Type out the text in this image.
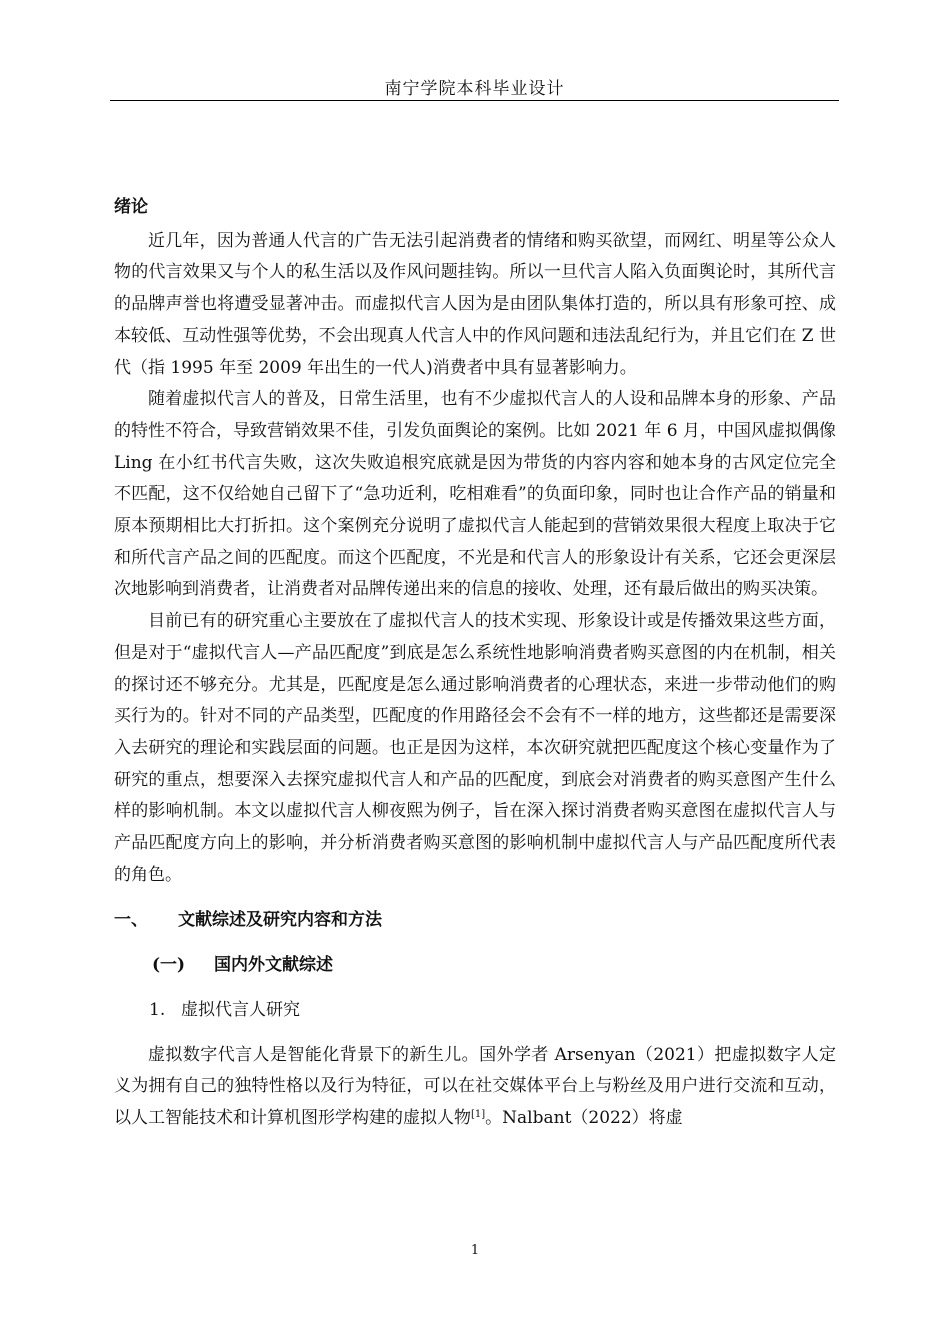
南宁学院本科毕业设计
绪论

近几年，因为普通人代言的广告无法引起消费者的情绪和购买欲望，而网红、明星等公众人物的代言效果又与个人的私生活以及作风问题挂钩。所以一旦代言人陷入负面舆论时，其所代言的品牌声誉也将遭受显著冲击。而虚拟代言人因为是由团队集体打造的，所以具有形象可控、成本较低、互动性强等优势，不会出现真人代言人中的作风问题和违法乱纪行为，并且它们在 Z 世代（指 1995 年至 2009 年出生的一代人)消费者中具有显著影响力。

随着虚拟代言人的普及，日常生活里，也有不少虚拟代言人的人设和品牌本身的形象、产品的特性不符合，导致营销效果不佳，引发负面舆论的案例。比如 2021 年 6 月，中国风虚拟偶像 Ling 在小红书代言失败，这次失败追根究底就是因为带货的内容内容和她本身的古风定位完全不匹配，这不仅给她自己留下了“急功近利，吃相难看”的负面印象，同时也让合作产品的销量和原本预期相比大打折扣。这个案例充分说明了虚拟代言人能起到的营销效果很大程度上取决于它和所代言产品之间的匹配度。而这个匹配度，不光是和代言人的形象设计有关系，它还会更深层次地影响到消费者，让消费者对品牌传递出来的信息的接收、处理，还有最后做出的购买决策。

目前已有的研究重心主要放在了虚拟代言人的技术实现、形象设计或是传播效果这些方面，但是对于“虚拟代言人—产品匹配度”到底是怎么系统性地影响消费者购买意图的内在机制，相关的探讨还不够充分。尤其是，匹配度是怎么通过影响消费者的心理状态，来进一步带动他们的购买行为的。针对不同的产品类型，匹配度的作用路径会不会有不一样的地方，这些都还是需要深入去研究的理论和实践层面的问题。也正是因为这样，本次研究就把匹配度这个核心变量作为了研究的重点，想要深入去探究虚拟代言人和产品的匹配度，到底会对消费者的购买意图产生什么样的影响机制。本文以虚拟代言人柳夜熙为例子，旨在深入探讨消费者购买意图在虚拟代言人与产品匹配度方向上的影响，并分析消费者购买意图的影响机制中虚拟代言人与产品匹配度所代表的角色。

一、 文献综述及研究内容和方法
(一) 国内外文献综述
1. 虚拟代言人研究

虚拟数字代言人是智能化背景下的新生儿。国外学者 Arsenyan（2021）把虚拟数字人定义为拥有自己的独特性格以及行为特征，可以在社交媒体平台上与粉丝及用户进行交流和互动，以人工智能技术和计算机图形学构建的虚拟人物[1]。Nalbant（2022）将虚

1
